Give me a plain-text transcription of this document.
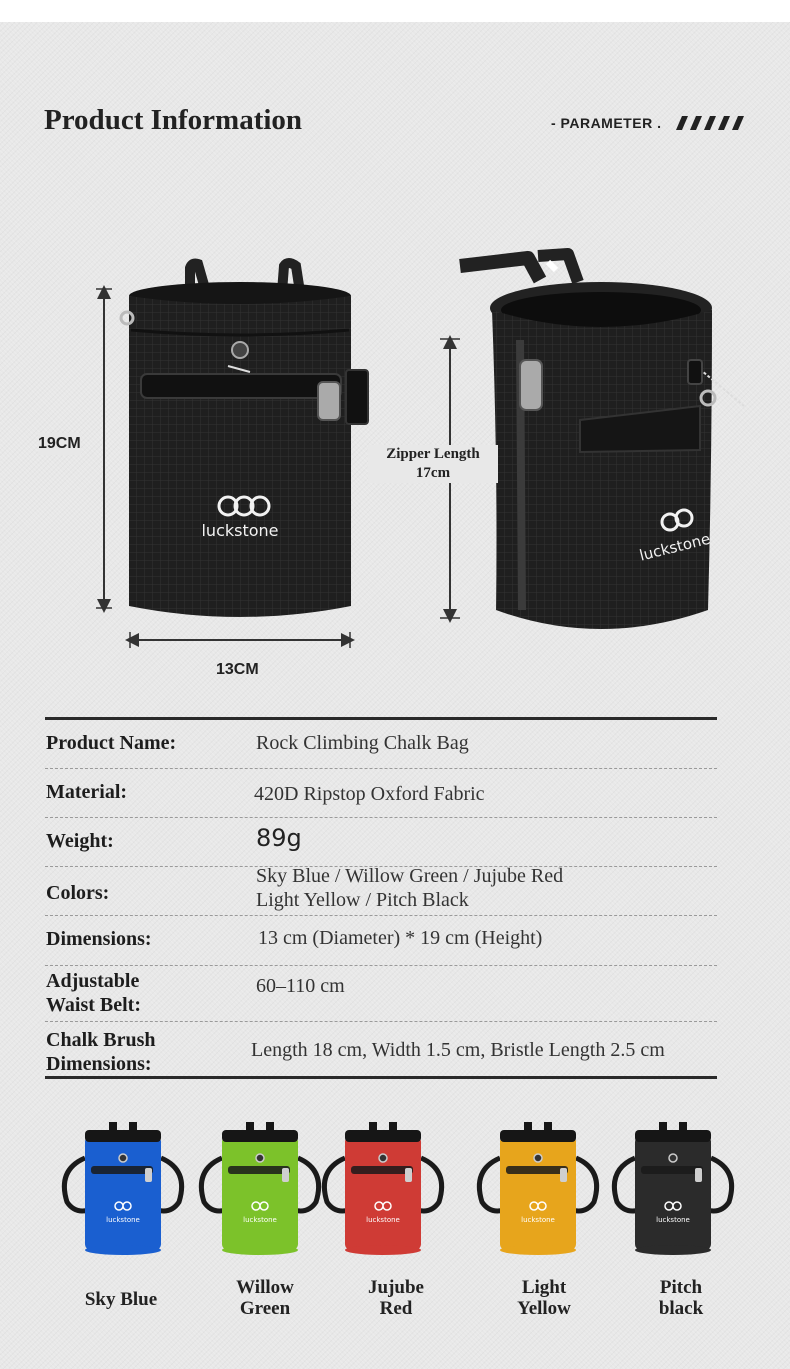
Product Information	- PARAMETER .
luckstone	luckstone
19CM
13CM
Zipper Length
17cm
Product Name:	Rock Climbing Chalk Bag
Material:	420D Ripstop Oxford Fabric
Weight:	89g
Colors:
Sky Blue / Willow Green / Jujube Red
Light Yellow / Pitch Black
Dimensions:	13 cm (Diameter) * 19 cm (Height)
Adjustable
Waist Belt:
60–110 cm
Chalk Brush
Dimensions:
Length 18 cm, Width 1.5 cm, Bristle Length 2.5 cm
luckstone	luckstone	luckstone	luckstone	luckstone
Sky Blue
Willow
Green
Jujube
Red
Light
Yellow
Pitch
black
